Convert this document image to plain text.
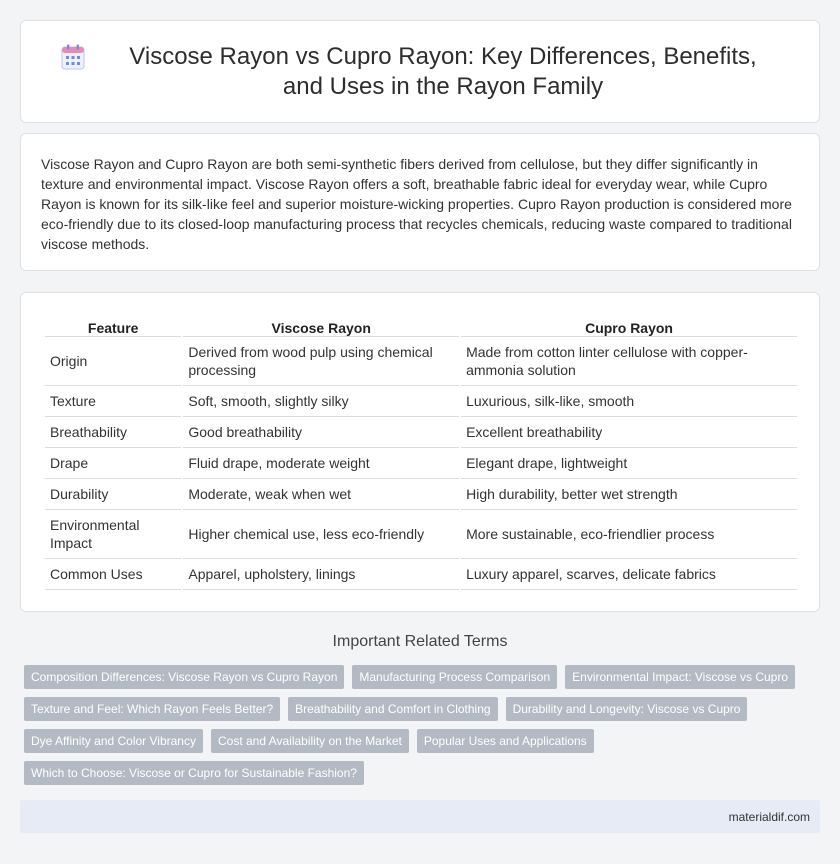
Viscose Rayon vs Cupro Rayon: Key Differences, Benefits, and Uses in the Rayon Family

Viscose Rayon and Cupro Rayon are both semi-synthetic fibers derived from cellulose, but they differ significantly in texture and environmental impact. Viscose Rayon offers a soft, breathable fabric ideal for everyday wear, while Cupro Rayon is known for its silk-like feel and superior moisture-wicking properties. Cupro Rayon production is considered more eco-friendly due to its closed-loop manufacturing process that recycles chemicals, reducing waste compared to traditional viscose methods.

Feature	Viscose Rayon	Cupro Rayon
Origin	Derived from wood pulp using chemical processing	Made from cotton linter cellulose with copper-ammonia solution
Texture	Soft, smooth, slightly silky	Luxurious, silk-like, smooth
Breathability	Good breathability	Excellent breathability
Drape	Fluid drape, moderate weight	Elegant drape, lightweight
Durability	Moderate, weak when wet	High durability, better wet strength
Environmental Impact	Higher chemical use, less eco-friendly	More sustainable, eco-friendlier process
Common Uses	Apparel, upholstery, linings	Luxury apparel, scarves, delicate fabrics
Important Related Terms
Composition Differences: Viscose Rayon vs Cupro Rayon	Manufacturing Process Comparison	Environmental Impact: Viscose vs Cupro
Texture and Feel: Which Rayon Feels Better?	Breathability and Comfort in Clothing	Durability and Longevity: Viscose vs Cupro
Dye Affinity and Color Vibrancy	Cost and Availability on the Market	Popular Uses and Applications
Which to Choose: Viscose or Cupro for Sustainable Fashion?
materialdif.com
